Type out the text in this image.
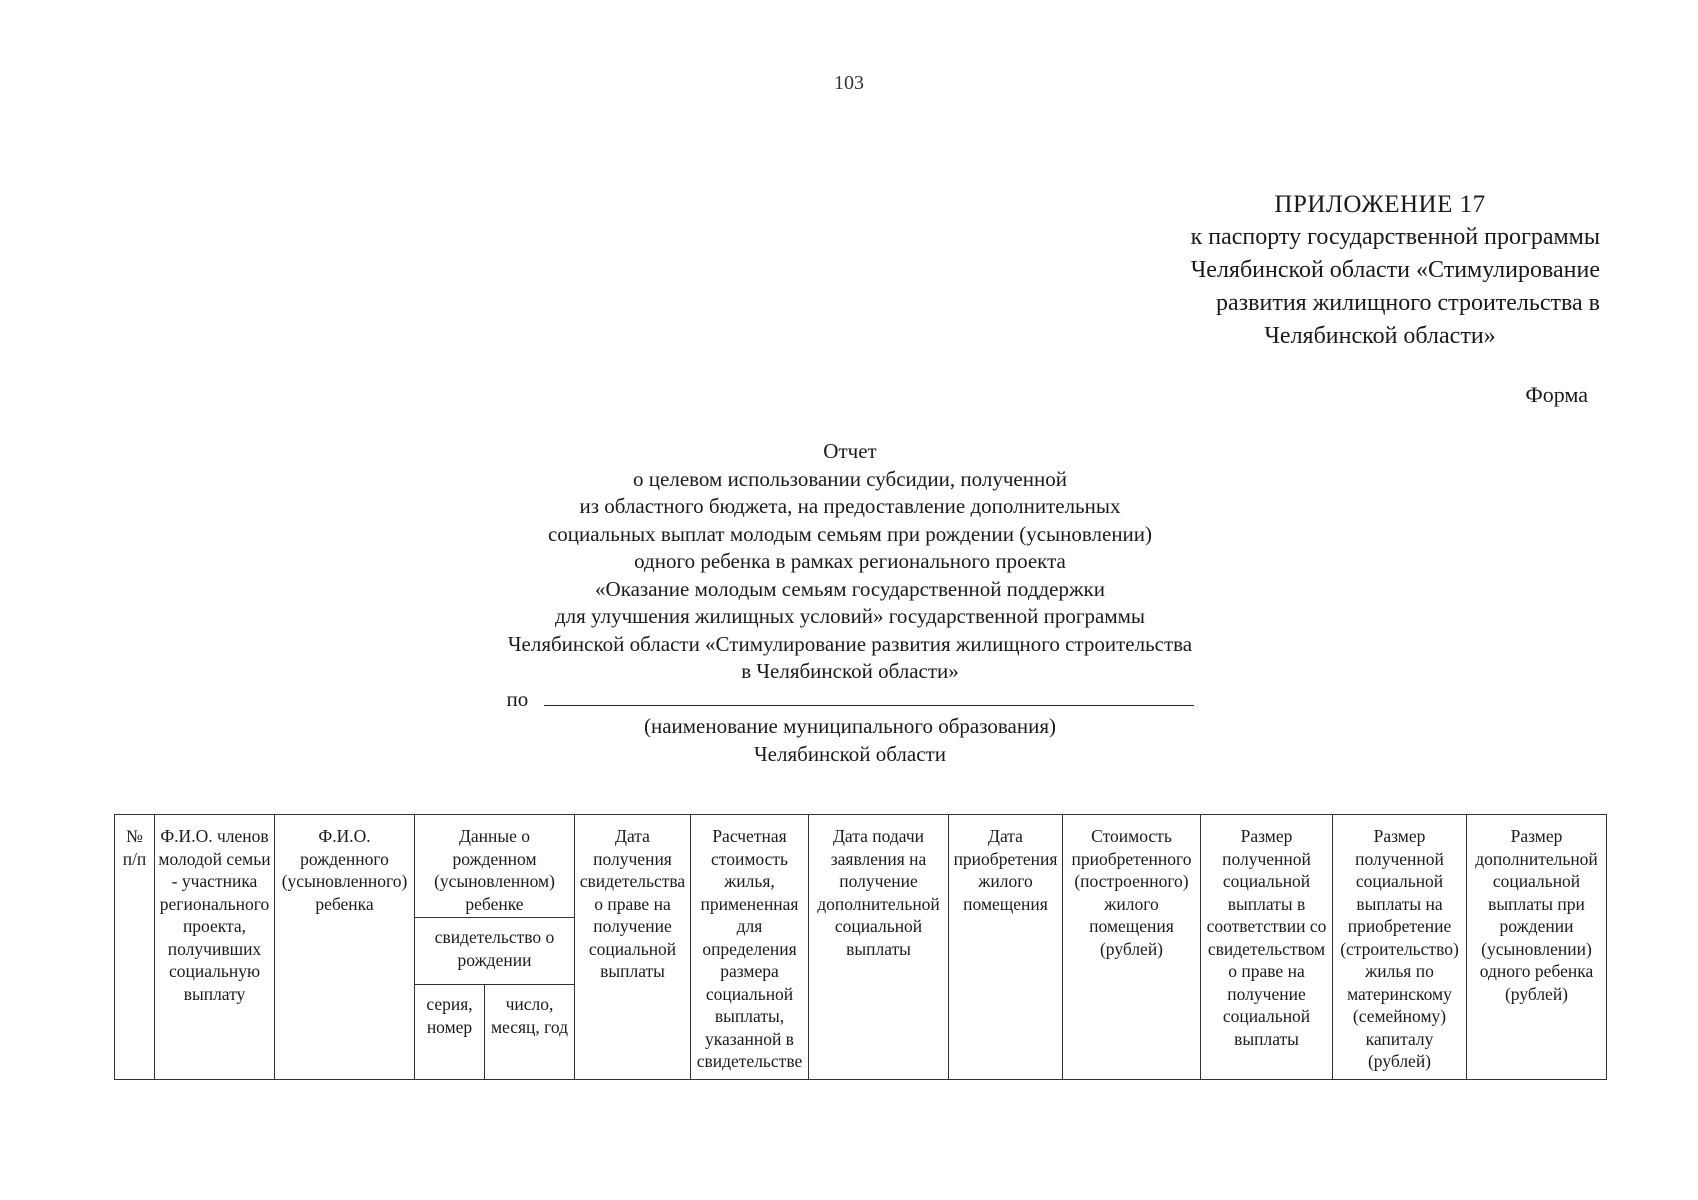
103
ПРИЛОЖЕНИЕ 17
к паспорту государственной программы
Челябинской области «Стимулирование
развития жилищного строительства в
Челябинской области»
Форма
Отчет
о целевом использовании субсидии, полученной
из областного бюджета, на предоставление дополнительных
социальных выплат молодым семьям при рождении (усыновлении)
одного ребенка в рамках регионального проекта
«Оказание молодым семьям государственной поддержки
для улучшения жилищных условий» государственной программы
Челябинской области «Стимулирование развития жилищного строительства
в Челябинской области»
по
(наименование муниципального образования)
Челябинской области
№ п/п	Ф.И.О. членов молодой семьи - участника регионального проекта, получивших социальную выплату	Ф.И.О. рожденного (усыновленного) ребенка	Данные о рожденном (усыновленном) ребенке		Дата получения свидетельства о праве на получение социальной выплаты	Расчетная стоимость жилья, примененная для определения размера социальной выплаты, указанной в свидетельстве	Дата подачи заявления на получение дополнительной социальной выплаты	Дата приобретения жилого помещения	Стоимость приобретенного (построенного) жилого помещения (рублей)	Размер полученной социальной выплаты в соответствии со свидетельством о праве на получение социальной выплаты	Размер полученной социальной выплаты на приобретение (строительство) жилья по материнскому (семейному) капиталу (рублей)	Размер дополнительной социальной выплаты при рождении (усыновлении) одного ребенка (рублей)
			свидетельство о рождении									
			серия, номер	число, месяц, год								
